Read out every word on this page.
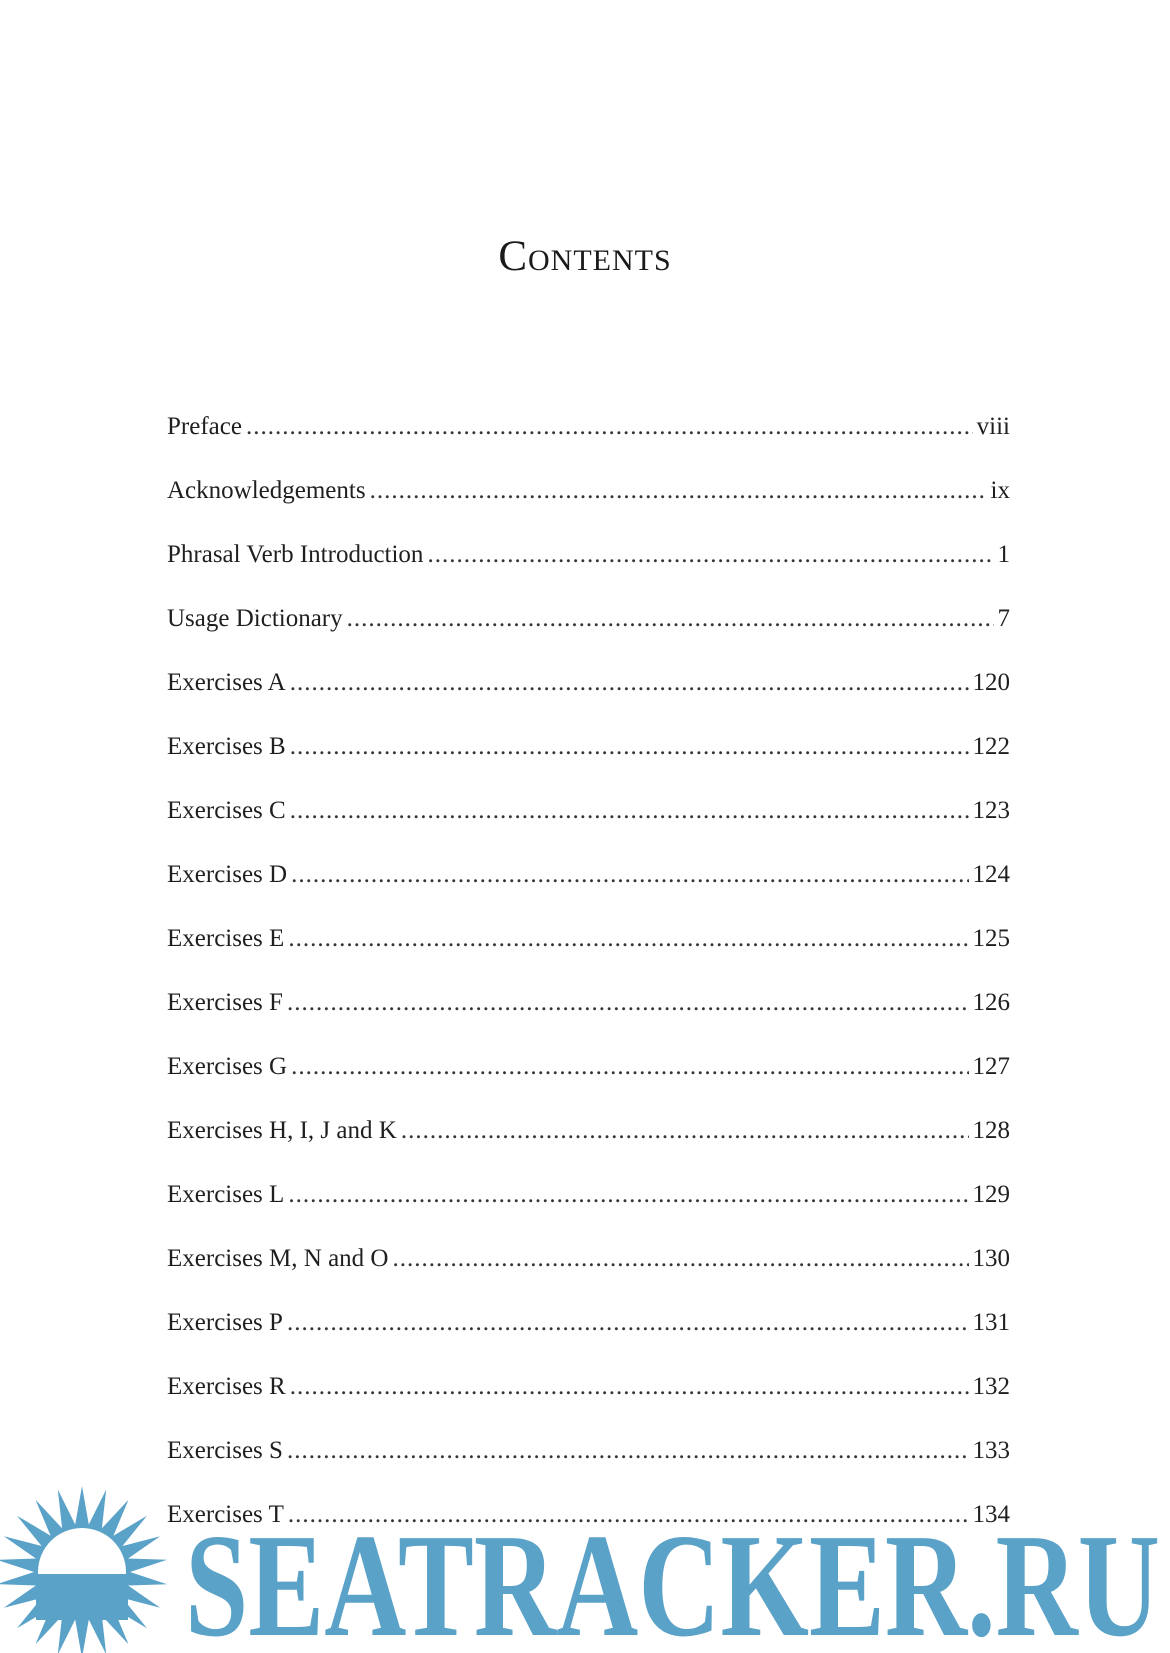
Contents
Preface .....	viii
Acknowledgements .....	ix
Phrasal Verb Introduction .....	1
Usage Dictionary .....	7
Exercises A .....	120
Exercises B .....	122
Exercises C .....	123
Exercises D .....	124
Exercises E .....	125
Exercises F .....	126
Exercises G .....	127
Exercises H, I, J and K .....	128
Exercises L .....	129
Exercises M, N and O .....	130
Exercises P .....	131
Exercises R .....	132
Exercises S .....	133
Exercises T .....	134
SEATRACKER.RU
